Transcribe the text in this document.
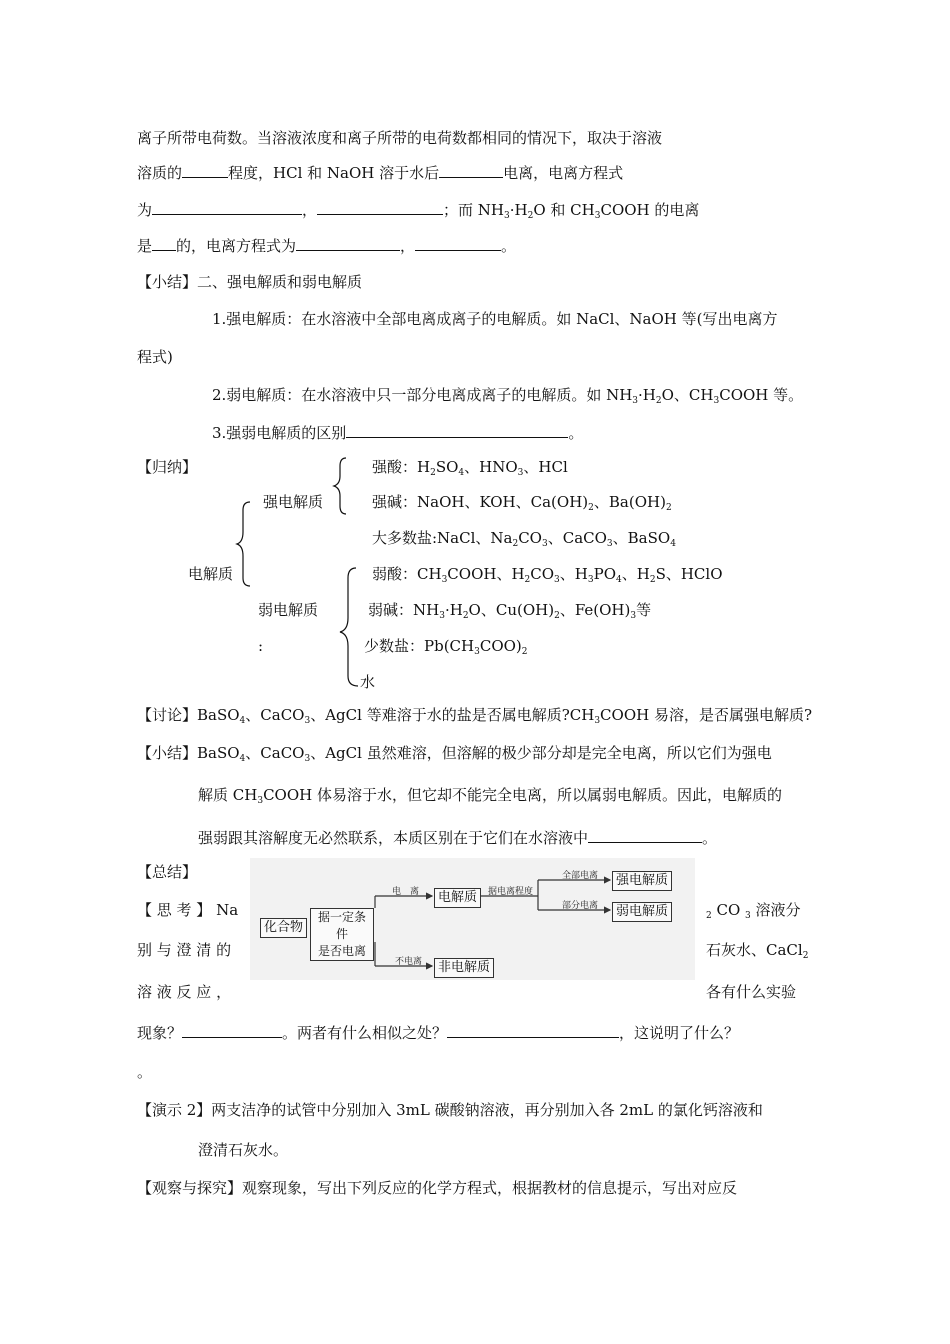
离子所带电荷数。当溶液浓度和离子所带的电荷数都相同的情况下，取决于溶液
溶质的	程度，HCl 和 NaOH 溶于水后	电离，电离方程式
为	，	；而 $NH_3\cdot H_2O$ 和 $CH_3COOH$ 的电离
是 的，电离方程式为	，	。
【小结】二、强电解质和弱电解质
1.强电解质：在水溶液中全部电离成离子的电解质。如 NaCl、NaOH 等(写出电离方
程式)
2.弱电解质：在水溶液中只一部分电离成离子的电解质。如 $NH_3\cdot H_2O$、$CH_3COOH$ 等。
3.强弱电解质的区别	。
【归纳】
强电解质
电解质
弱电解质
:
强酸：$H_2SO_4$、$HNO_3$、HCl
强碱：NaOH、KOH、$Ca(OH)_2$、$Ba(OH)_2$
大多数盐:NaCl、$Na_2CO_3$、CaCO$_3$、BaSO$_4$
弱酸：$CH_3COOH$、$H_2CO_3$、$H_3PO_4$、$H_2S$、HClO
弱碱：$NH_3\cdot H_2O$、$Cu(OH)_2$、$Fe(OH)_3$等
少数盐：$Pb(CH_3COO)_2$
水
【讨论】BaSO$_4$、CaCO$_3$、AgCl 等难溶于水的盐是否属电解质$?CH_3COOH$ 易溶，是否属强电解质?
【小结】BaSO$_4$、CaCO$_3$、AgCl 虽然难溶，但溶解的极少部分却是完全电离，所以它们为强电
解质 $CH_3COOH$ 体易溶于水，但它却不能完全电离，所以属弱电解质。因此，电解质的
强弱跟其溶解度无必然联系，本质区别在于它们在水溶液中	。
【总结】
【 思 考 】 Na	$_2$ CO $_3$ 溶液分
别 与 澄 清 的	石灰水、CaCl$_2$
溶 液 反 应 ，	各有什么实验
化合物
据一定条件
是否电离
电　离
不电离
电解质
非电解质
据电离程度
全部电离
部分电离
强电解质
弱电解质
现象？	。两者有什么相似之处？	，这说明了什么？
。
【演示 2】两支洁净的试管中分别加入 3mL 碳酸钠溶液，再分别加入各 2mL 的氯化钙溶液和
澄清石灰水。
【观察与探究】观察现象，写出下列反应的化学方程式，根据教材的信息提示，写出对应反
